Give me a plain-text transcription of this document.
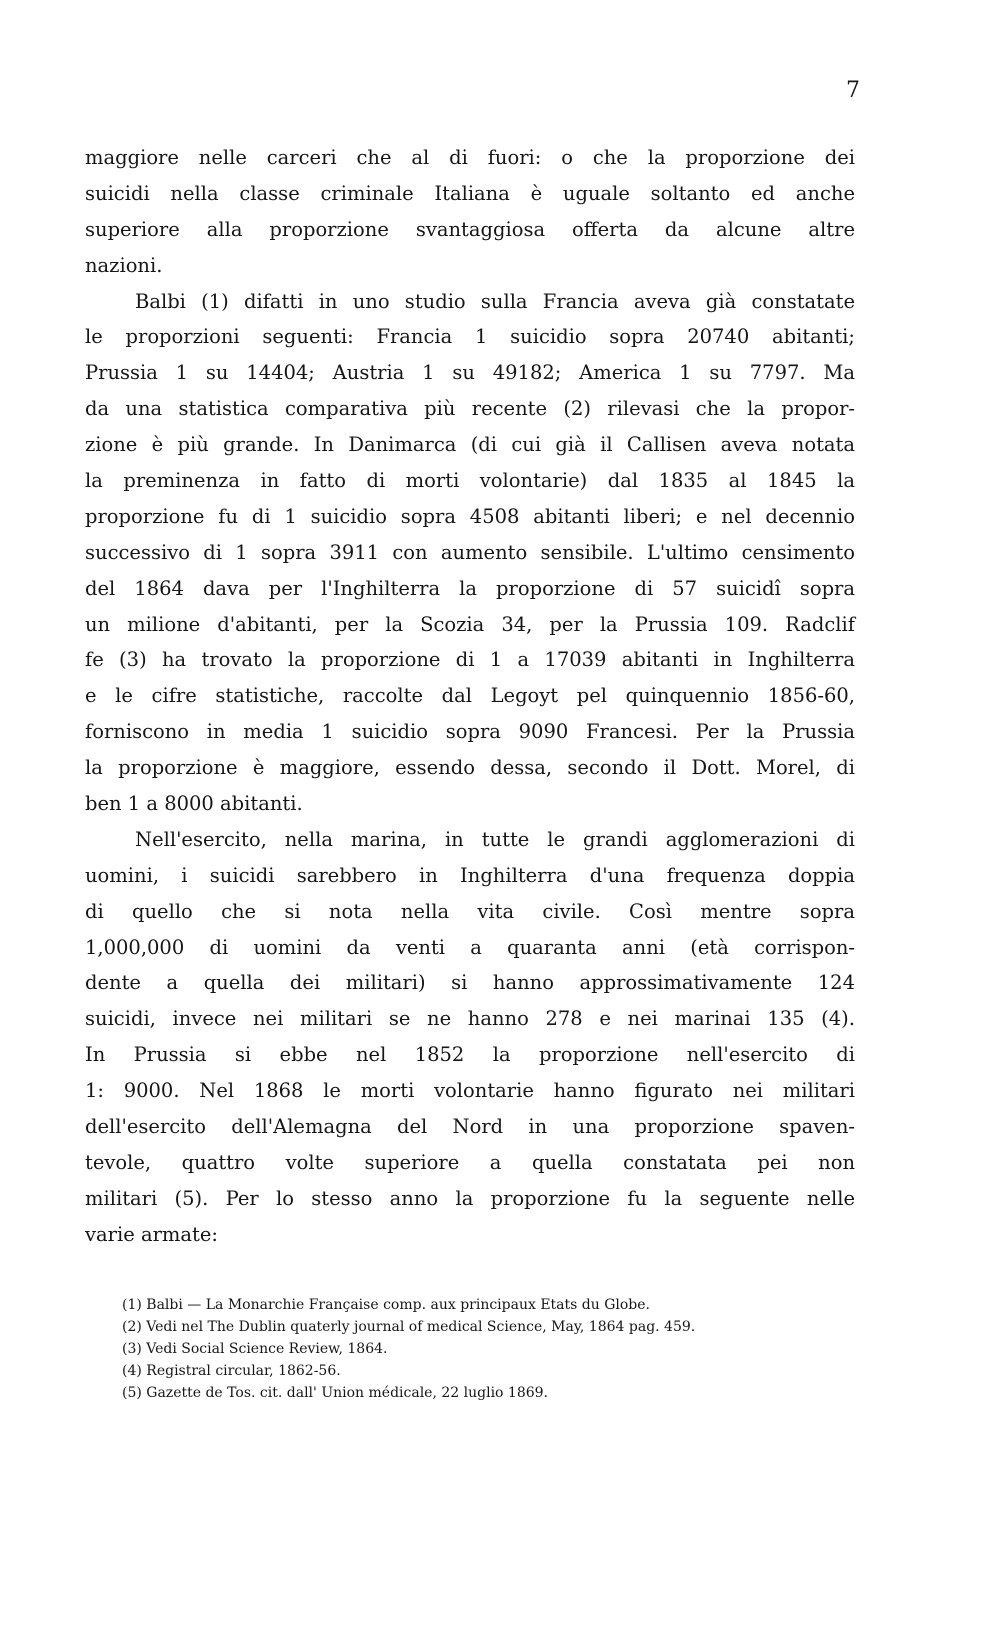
7
maggiore nelle carceri che al di fuori: o che la proporzione dei
suicidi nella classe criminale Italiana è uguale soltanto ed anche
superiore alla proporzione svantaggiosa offerta da alcune altre
nazioni.
Balbi (1) difatti in uno studio sulla Francia aveva già constatate
le proporzioni seguenti: Francia 1 suicidio sopra 20740 abitanti;
Prussia 1 su 14404; Austria 1 su 49182; America 1 su 7797. Ma
da una statistica comparativa più recente (2) rilevasi che la propor-
zione è più grande. In Danimarca (di cui già il Callisen aveva notata
la preminenza in fatto di morti volontarie) dal 1835 al 1845 la
proporzione fu di 1 suicidio sopra 4508 abitanti liberi; e nel decennio
successivo di 1 sopra 3911 con aumento sensibile. L'ultimo censimento
del 1864 dava per l'Inghilterra la proporzione di 57 suicidî sopra
un milione d'abitanti, per la Scozia 34, per la Prussia 109. Radclif
fe (3) ha trovato la proporzione di 1 a 17039 abitanti in Inghilterra
e le cifre statistiche, raccolte dal Legoyt pel quinquennio 1856-60,
forniscono in media 1 suicidio sopra 9090 Francesi. Per la Prussia
la proporzione è maggiore, essendo dessa, secondo il Dott. Morel, di
ben 1 a 8000 abitanti.
Nell'esercito, nella marina, in tutte le grandi agglomerazioni di
uomini, i suicidi sarebbero in Inghilterra d'una frequenza doppia
di quello che si nota nella vita civile. Così mentre sopra
1,000,000 di uomini da venti a quaranta anni (età corrispon-
dente a quella dei militari) si hanno approssimativamente 124
suicidi, invece nei militari se ne hanno 278 e nei marinai 135 (4).
In Prussia si ebbe nel 1852 la proporzione nell'esercito di
1: 9000. Nel 1868 le morti volontarie hanno figurato nei militari
dell'esercito dell'Alemagna del Nord in una proporzione spaven-
tevole, quattro volte superiore a quella constatata pei non
militari (5). Per lo stesso anno la proporzione fu la seguente nelle
varie armate:
(1) Balbi — La Monarchie Française comp. aux principaux Etats du Globe.
(2) Vedi nel The Dublin quaterly journal of medical Science, May, 1864 pag. 459.
(3) Vedi Social Science Review, 1864.
(4) Registral circular, 1862-56.
(5) Gazette de Tos. cit. dall' Union médicale, 22 luglio 1869.
